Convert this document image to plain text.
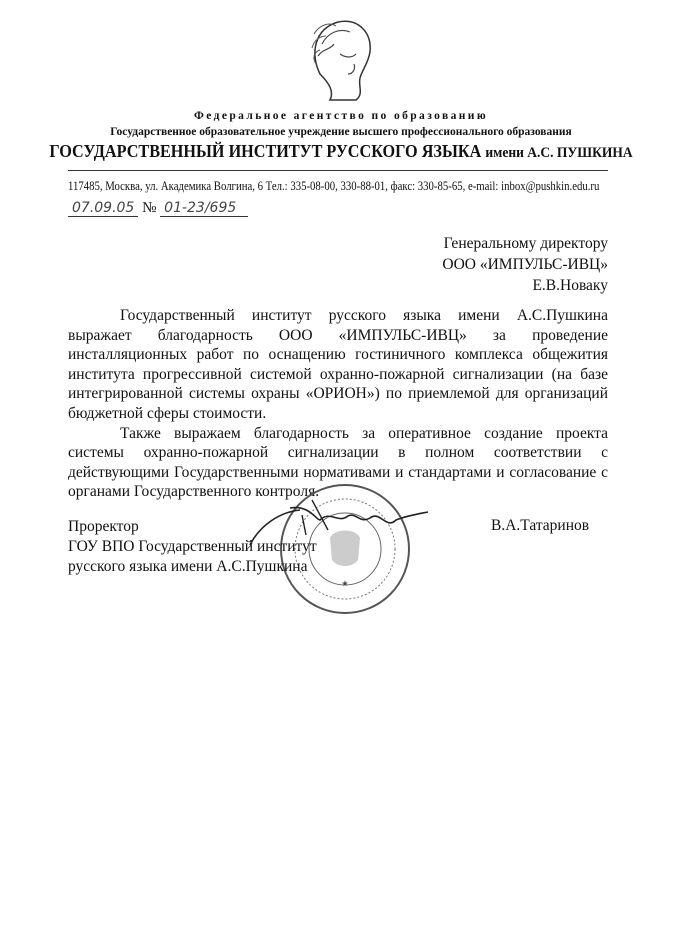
Федеральное агентство по образованию
Государственное образовательное учреждение высшего профессионального образования
ГОСУДАРСТВЕННЫЙ ИНСТИТУТ РУССКОГО ЯЗЫКА имени А.С. ПУШКИНА
117485, Москва, ул. Академика Волгина, 6 Тел.: 335-08-00, 330-88-01, факс: 330-85-65, e-mail: inbox@pushkin.edu.ru
07.09.05 № 01-23/695
Генеральному директору
ООО «ИМПУЛЬС-ИВЦ»
Е.В.Новаку

Государственный институт русского языка имени А.С.Пушкина выражает благодарность ООО «ИМПУЛЬС-ИВЦ» за проведение инсталляционных работ по оснащению гостиничного комплекса общежития института прогрессивной системой охранно-пожарной сигнализации (на базе интегрированной системы охраны «ОРИОН») по приемлемой для организаций бюджетной сферы стоимости.

Также выражаем благодарность за оперативное создание проекта системы охранно-пожарной сигнализации в полном соответствии с действующими Государственными нормативами и стандартами и согласование с органами Государственного контроля.

★
Проректор
ГОУ ВПО Государственный институт
русского языка имени А.С.Пушкина
В.А.Татаринов
